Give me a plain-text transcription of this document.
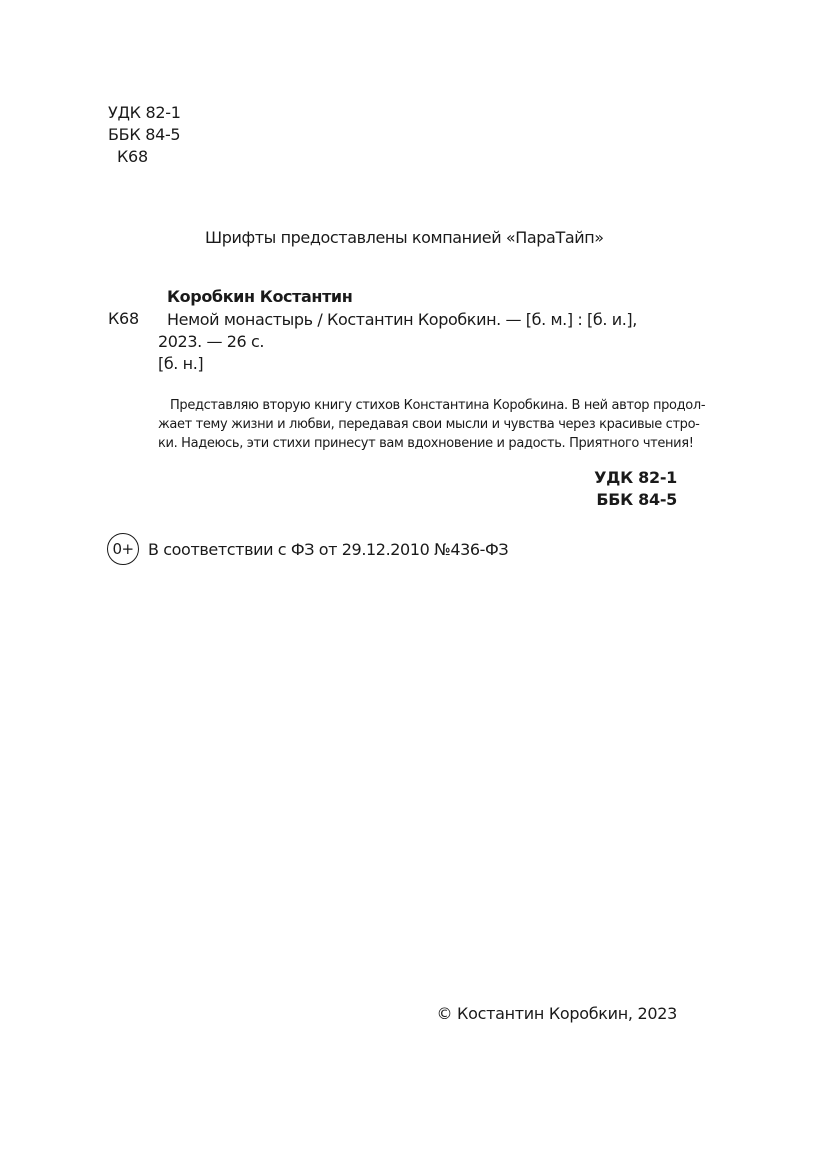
УДК 82-1
ББК 84-5
К68
Шрифты предоставлены компанией «ПараТайп»
Коробкин Костантин
К68	Немой монастырь / Костантин Коробкин. — [б. м.] : [б. и.],
2023. — 26 с.
[б. н.]
Представляю вторую книгу стихов Константина Коробкина. В ней автор продол-
жает тему жизни и любви, передавая свои мысли и чувства через красивые стро-
ки. Надеюсь, эти стихи принесут вам вдохновение и радость. Приятного чтения!
УДК 82-1
ББК 84-5
0+ В соответствии с ФЗ от 29.12.2010 №436-ФЗ
© Костантин Коробкин, 2023
